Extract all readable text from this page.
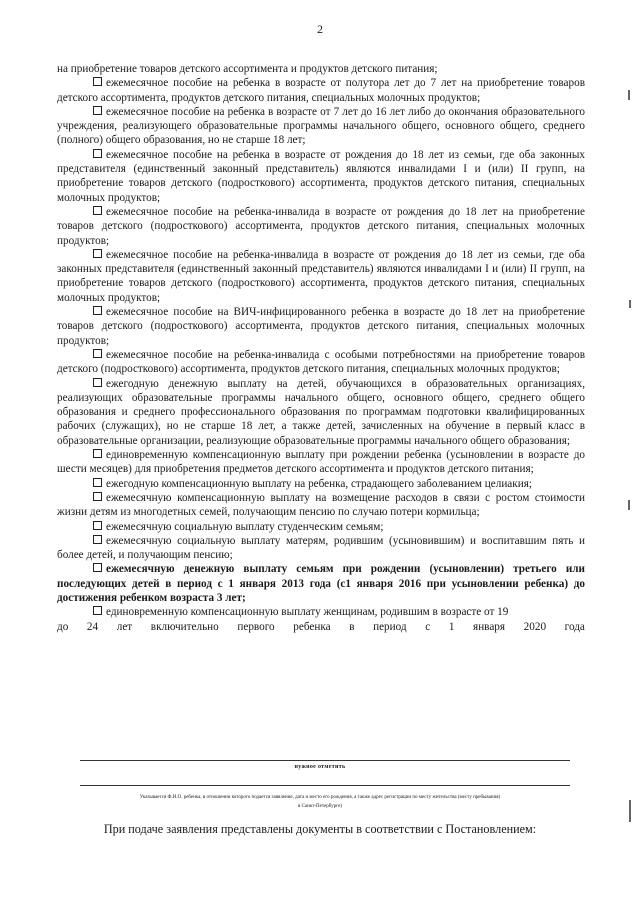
2

на приобретение товаров детского ассортимента и продуктов детского питания;

ежемесячное пособие на ребенка в возрасте от полутора лет до 7 лет на приобретение товаров детского ассортимента, продуктов детского питания, специальных молочных продуктов;

ежемесячное пособие на ребенка в возрасте от 7 лет до 16 лет либо до окончания образовательного учреждения, реализующего образовательные программы начального общего, основного общего, среднего (полного) общего образования, но не старше 18 лет;

ежемесячное пособие на ребенка в возрасте от рождения до 18 лет из семьи, где оба законных представителя (единственный законный представитель) являются инвалидами I и (или) II групп, на приобретение товаров детского (подросткового) ассортимента, продуктов детского питания, специальных молочных продуктов;

ежемесячное пособие на ребенка-инвалида в возрасте от рождения до 18 лет на приобретение товаров детского (подросткового) ассортимента, продуктов детского питания, специальных молочных продуктов;

ежемесячное пособие на ребенка-инвалида в возрасте от рождения до 18 лет из семьи, где оба законных представителя (единственный законный представитель) являются инвалидами I и (или) II групп, на приобретение товаров детского (подросткового) ассортимента, продуктов детского питания, специальных молочных продуктов;

ежемесячное пособие на ВИЧ-инфицированного ребенка в возрасте до 18 лет на приобретение товаров детского (подросткового) ассортимента, продуктов детского питания, специальных молочных продуктов;

ежемесячное пособие на ребенка-инвалида с особыми потребностями на приобретение товаров детского (подросткового) ассортимента, продуктов детского питания, специальных молочных продуктов;

ежегодную денежную выплату на детей, обучающихся в образовательных организациях, реализующих образовательные программы начального общего, основного общего, среднего общего образования и среднего профессионального образования по программам подготовки квалифицированных рабочих (служащих), но не старше 18 лет, а также детей, зачисленных на обучение в первый класс в образовательные организации, реализующие образовательные программы начального общего образования;

единовременную компенсационную выплату при рождении ребенка (усыновлении в возрасте до шести месяцев) для приобретения предметов детского ассортимента и продуктов детского питания;

ежегодную компенсационную выплату на ребенка, страдающего заболеванием целиакия;

ежемесячную компенсационную выплату на возмещение расходов в связи с ростом стоимости жизни детям из многодетных семей, получающим пенсию по случаю потери кормильца;

ежемесячную социальную выплату студенческим семьям;

ежемесячную социальную выплату матерям, родившим (усыновившим) и воспитавшим пять и более детей, и получающим пенсию;

ежемесячную денежную выплату семьям при рождении (усыновлении) третьего или последующих детей в период с 1 января 2013 года (с1 января 2016 при усыновлении ребенка) до достижения ребенком возраста 3 лет;

единовременную компенсационную выплату женщинам, родившим в возрасте от 19

до 24 лет включительно первого ребенка в период с 1 января 2020 года

нужное отметить
Указывается Ф.И.О. ребенка, в отношении которого подается заявление, дата и место его рождения, а также адрес регистрации по месту жительства (месту пребывания)
в Санкт-Петербурге)
При подаче заявления представлены документы в соответствии с Постановлением:
